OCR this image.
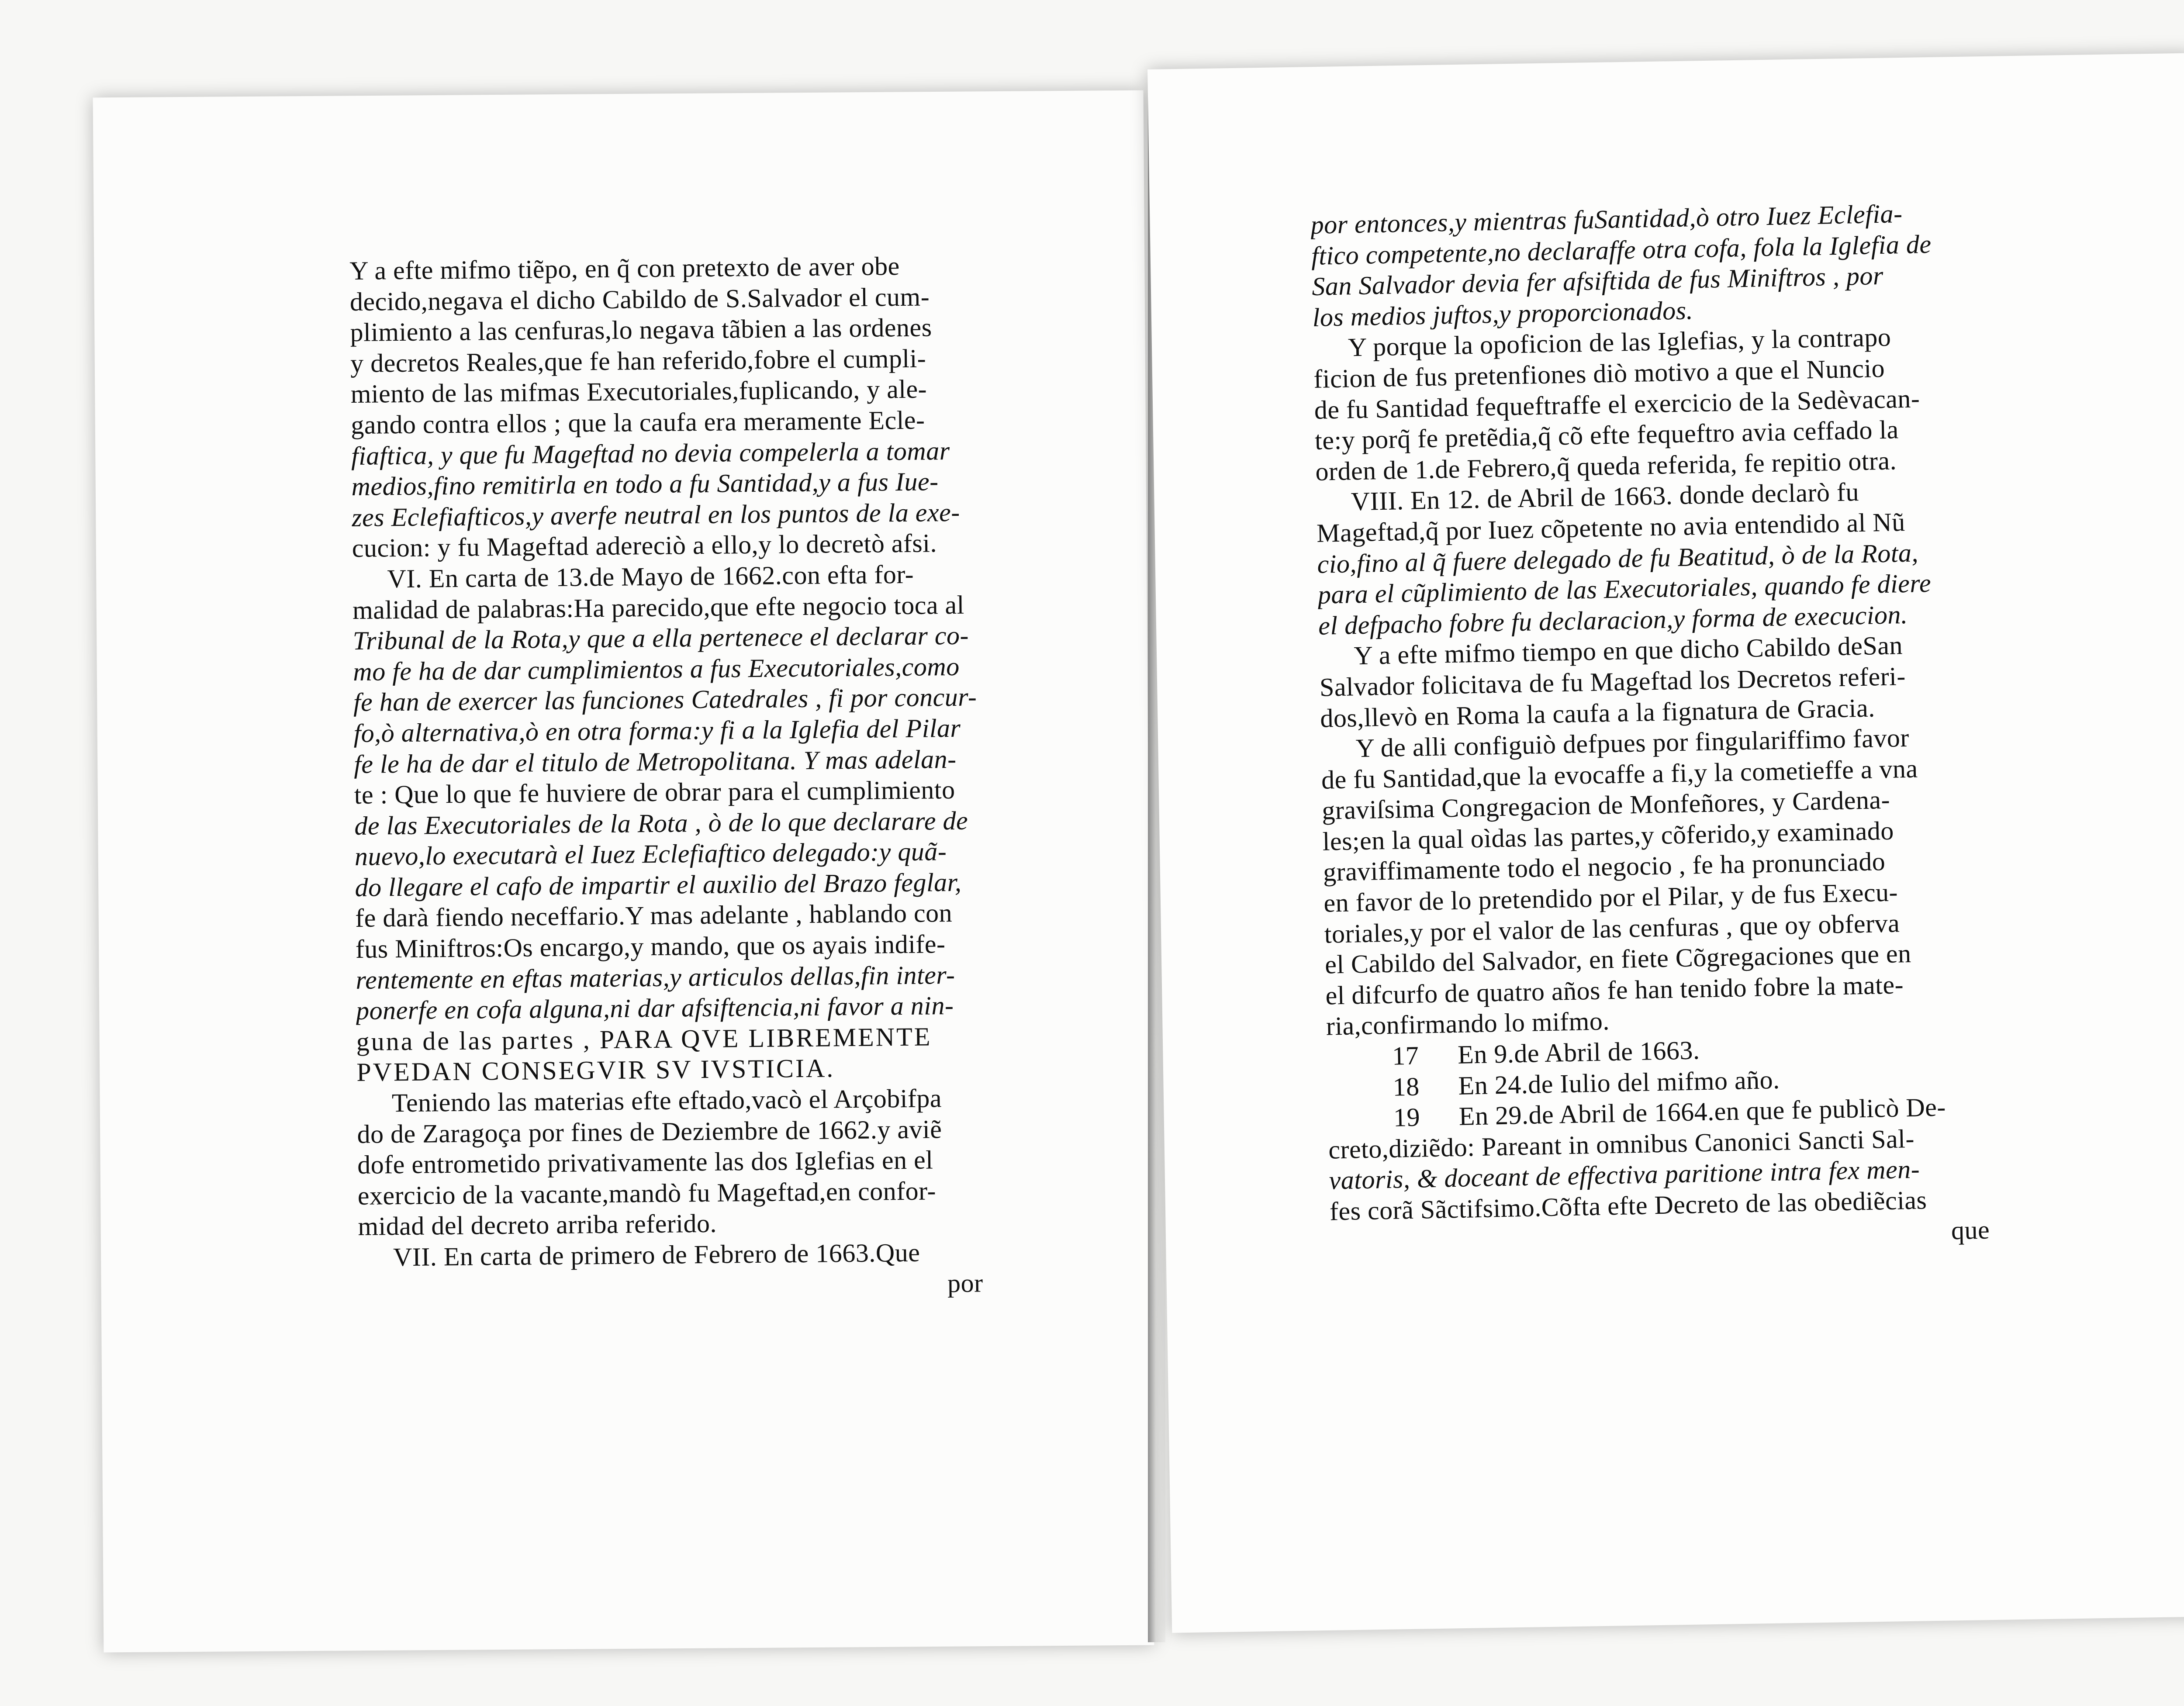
Y a efte mifmo tiẽpo, en q̃ con pretexto de aver obe
decido,negava el dicho Cabildo de S.Salvador el cum-
plimiento a las cenfuras,lo negava tãbien a las ordenes
y decretos Reales,que fe han referido,fobre el cumpli-
miento de las mifmas Executoriales,fuplicando, y ale-
gando contra ellos ; que la caufa era meramente Ecle-
fiaftica, y que fu Mageftad no devia compelerla a tomar
medios,fino remitirla en todo a fu Santidad,y a fus Iue-
zes Eclefiafticos,y averfe neutral en los puntos de la exe-
cucion: y fu Mageftad adereciò a ello,y lo decretò afsi.
VI. En carta de 13.de Mayo de 1662.con efta for-
malidad de palabras:Ha parecido,que efte negocio toca al
Tribunal de la Rota,y que a ella pertenece el declarar co-
mo fe ha de dar cumplimientos a fus Executoriales,como
fe han de exercer las funciones Catedrales , fi por concur-
fo,ò alternativa,ò en otra forma:y fi a la Iglefia del Pilar
fe le ha de dar el titulo de Metropolitana. Y mas adelan-
te : Que lo que fe huviere de obrar para el cumplimiento
de las Executoriales de la Rota , ò de lo que declarare de
nuevo,lo executarà el Iuez Eclefiaftico delegado:y quã-
do llegare el cafo de impartir el auxilio del Brazo feglar,
fe darà fiendo neceffario.Y mas adelante , hablando con
fus Miniftros:Os encargo,y mando, que os ayais indife-
rentemente en eftas materias,y articulos dellas,fin inter-
ponerfe en cofa alguna,ni dar afsiftencia,ni favor a nin-
guna de las partes , PARA QVE LIBREMENTE
PVEDAN CONSEGVIR SV IVSTICIA.
Teniendo las materias efte eftado,vacò el Arçobifpa
do de Zaragoça por fines de Deziembre de 1662.y aviẽ
dofe entrometido privativamente las dos Iglefias en el
exercicio de la vacante,mandò fu Mageftad,en confor-
midad del decreto arriba referido.
VII. En carta de primero de Febrero de 1663.Que
por
por entonces,y mientras fuSantidad,ò otro Iuez Eclefia-
ftico competente,no declaraffe otra cofa, fola la Iglefia de
San Salvador devia fer afsiftida de fus Miniftros , por
los medios juftos,y proporcionados.
Y porque la opoficion de las Iglefias, y la contrapo
ficion de fus pretenfiones diò motivo a que el Nuncio
de fu Santidad fequeftraffe el exercicio de la Sedèvacan-
te:y porq̃ fe pretẽdia,q̃ cõ efte fequeftro avia ceffado la
orden de 1.de Febrero,q̃ queda referida, fe repitio otra.
VIII. En 12. de Abril de 1663. donde declarò fu
Mageftad,q̃ por Iuez cõpetente no avia entendido al Nũ
cio,fino al q̃ fuere delegado de fu Beatitud, ò de la Rota,
para el cũplimiento de las Executoriales, quando fe diere
el defpacho fobre fu declaracion,y forma de execucion.
Y a efte mifmo tiempo en que dicho Cabildo deSan
Salvador folicitava de fu Mageftad los Decretos referi-
dos,llevò en Roma la caufa a la fignatura de Gracia.
Y de alli configuiò defpues por fingulariffimo favor
de fu Santidad,que la evocaffe a fi,y la cometieffe a vna
graviſsima Congregacion de Monfeñores, y Cardena-
les;en la qual oìdas las partes,y cõferido,y examinado
graviffimamente todo el negocio , fe ha pronunciado
en favor de lo pretendido por el Pilar, y de fus Execu-
toriales,y por el valor de las cenfuras , que oy obferva
el Cabildo del Salvador, en fiete Cõgregaciones que en
el difcurfo de quatro años fe han tenido fobre la mate-
ria,confirmando lo mifmo.
17 En 9.de Abril de 1663.
18 En 24.de Iulio del mifmo año.
19 En 29.de Abril de 1664.en que fe publicò De-
creto,diziẽdo: Pareant in omnibus Canonici Sancti Sal-
vatoris, & doceant de effectiva paritione intra fex men-
fes corã Sãctifsimo.Cõfta efte Decreto de las obediẽcias
que
